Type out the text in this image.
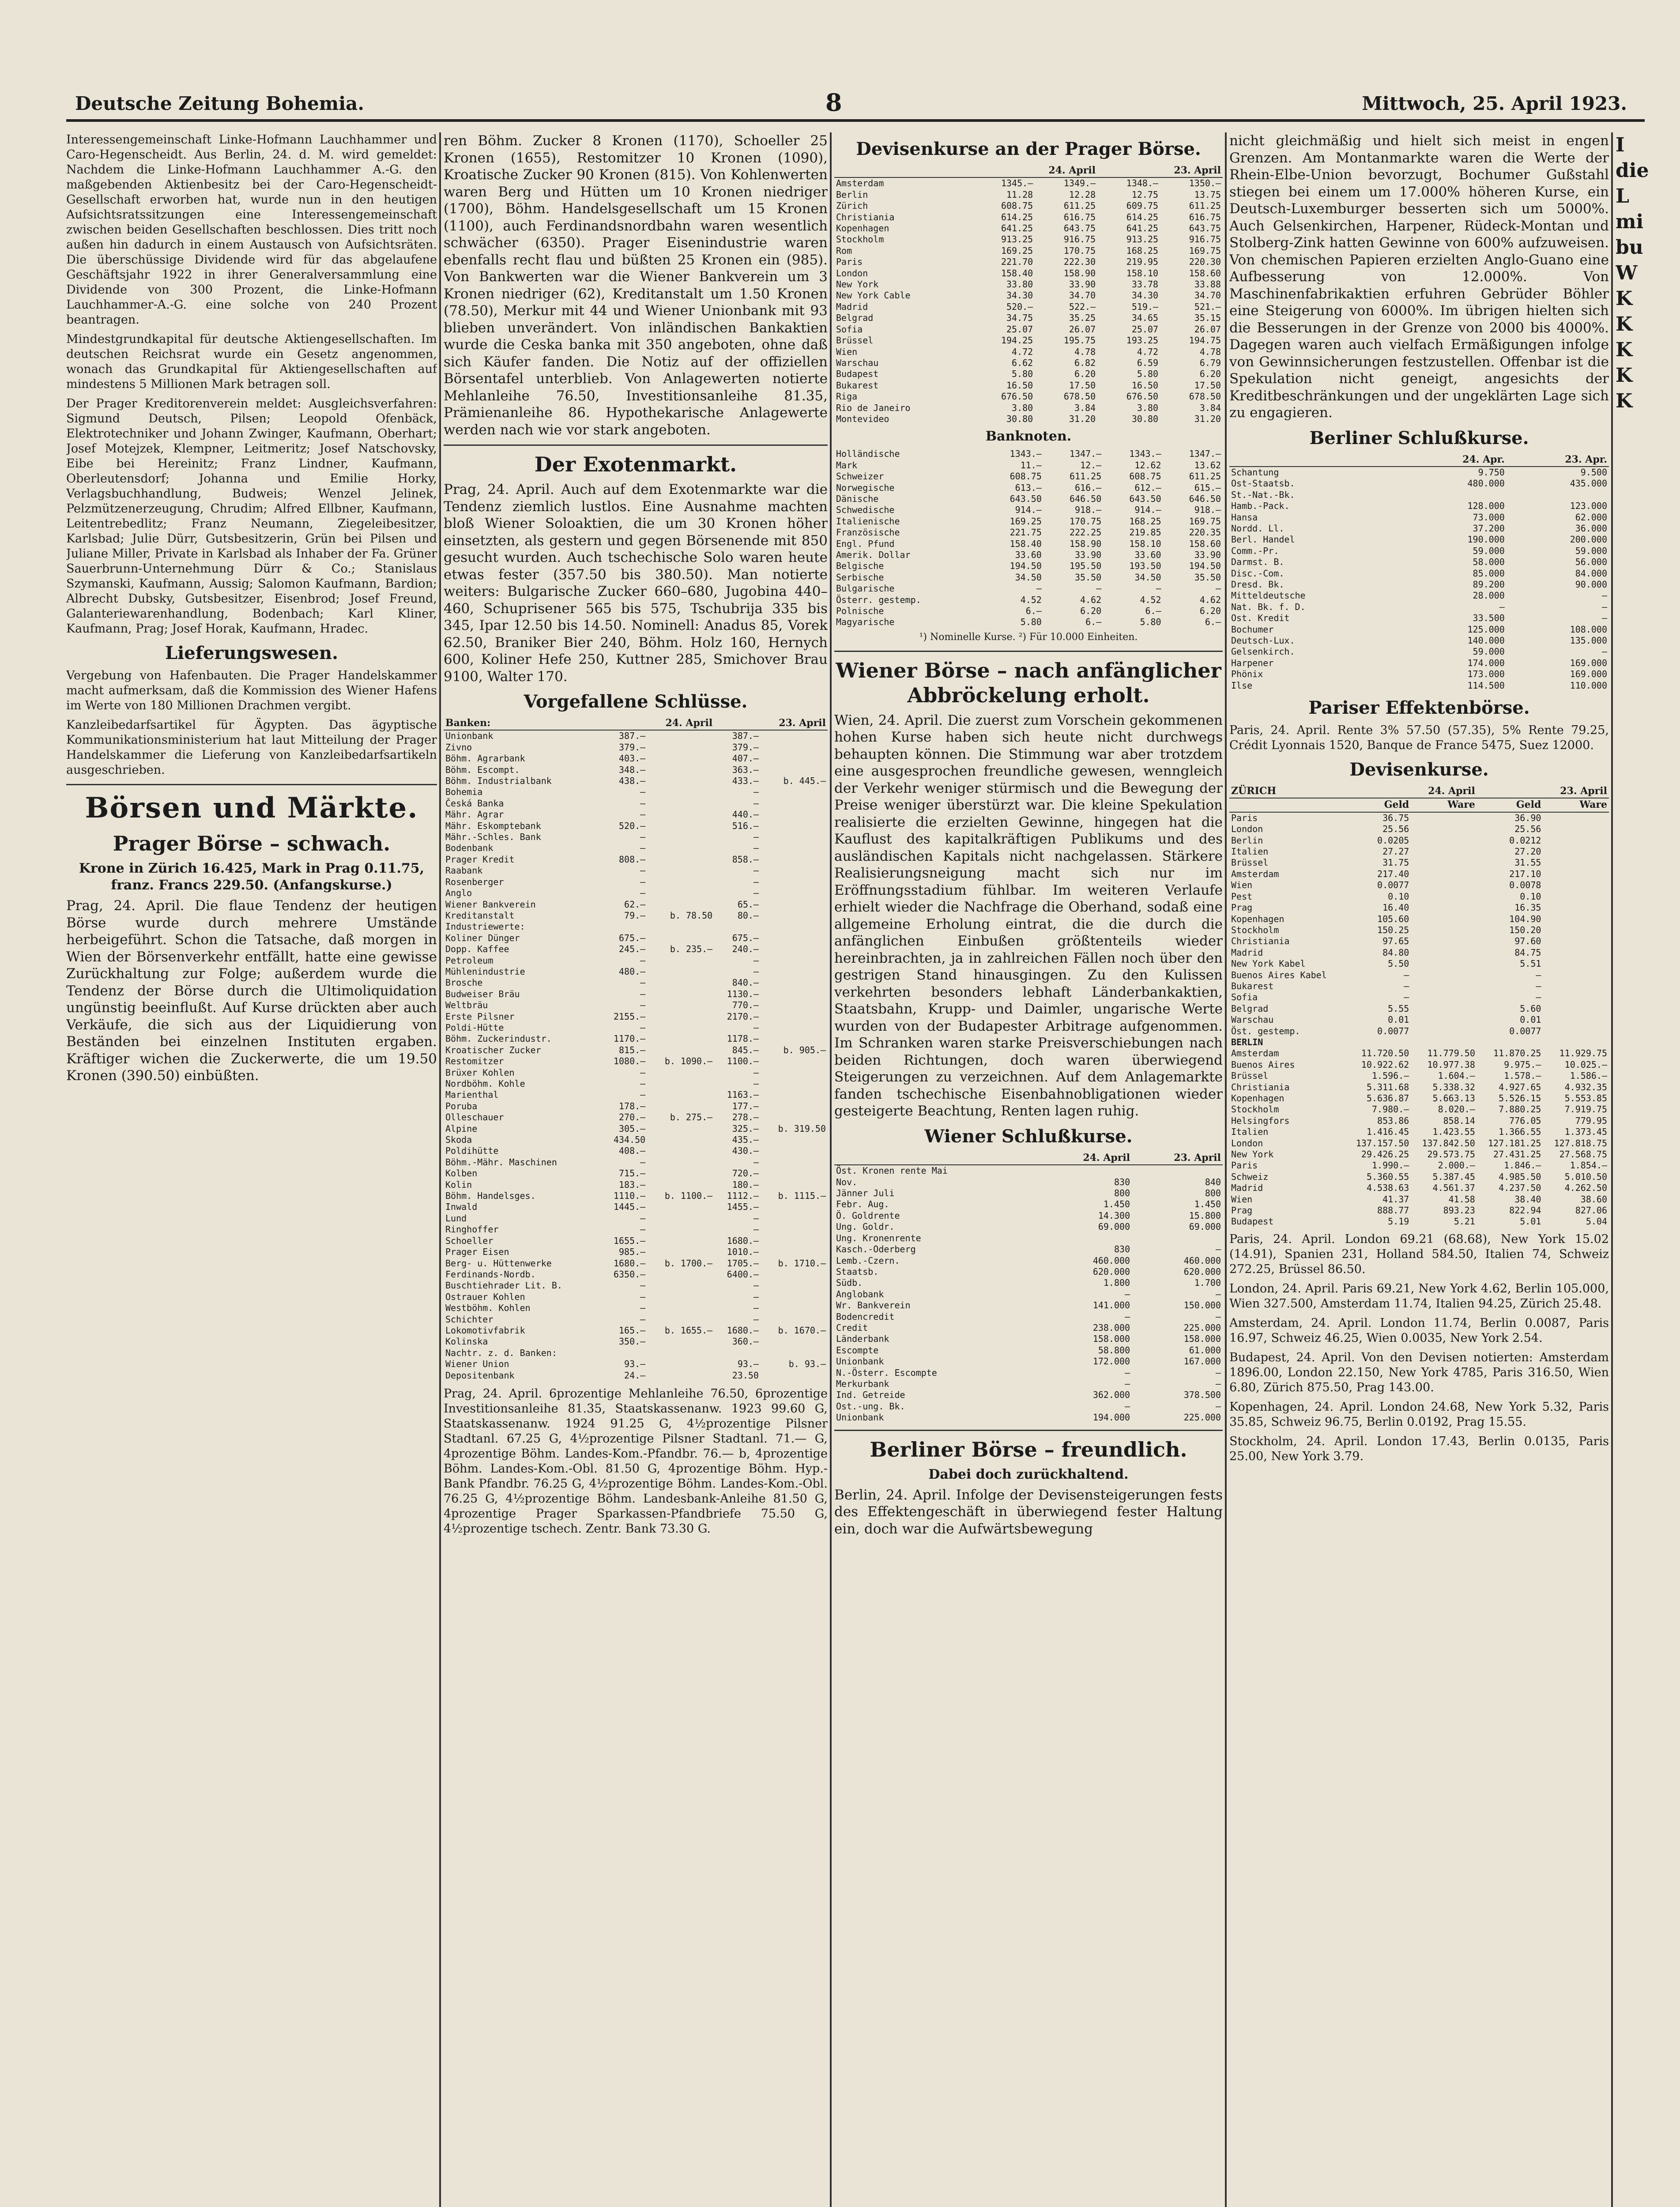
Deutsche Zeitung Bohemia.	8	Mittwoch, 25. April 1923.

Interessengemeinschaft Linke-Hofmann Lauchhammer und Caro-Hegenscheidt. Aus Berlin, 24. d. M. wird gemeldet: Nachdem die Linke-Hofmann Lauchhammer A.-G. den maßgebenden Aktienbesitz bei der Caro-Hegenscheidt-Gesellschaft erworben hat, wurde nun in den heutigen Aufsichtsratssitzungen eine Interessengemeinschaft zwischen beiden Gesellschaften beschlossen. Dies tritt noch außen hin dadurch in einem Austausch von Aufsichtsräten. Die überschüssige Dividende wird für das abgelaufene Geschäftsjahr 1922 in ihrer Generalversammlung eine Dividende von 300 Prozent, die Linke-Hofmann Lauchhammer-A.-G. eine solche von 240 Prozent beantragen.

Mindestgrundkapital für deutsche Aktiengesellschaften. Im deutschen Reichsrat wurde ein Gesetz angenommen, wonach das Grundkapital für Aktiengesellschaften auf mindestens 5 Millionen Mark betragen soll.

Der Prager Kreditorenverein meldet: Ausgleichsverfahren: Sigmund Deutsch, Pilsen; Leopold Ofenbäck, Elektrotechniker und Johann Zwinger, Kaufmann, Oberhart; Josef Motejzek, Klempner, Leitmeritz; Josef Natschovsky, Eibe bei Hereinitz; Franz Lindner, Kaufmann, Oberleutensdorf; Johanna und Emilie Horky, Verlagsbuchhandlung, Budweis; Wenzel Jelinek, Pelzmützenerzeugung, Chrudim; Alfred Ellbner, Kaufmann, Leitentrebedlitz; Franz Neumann, Ziegeleibesitzer, Karlsbad; Julie Dürr, Gutsbesitzerin, Grün bei Pilsen und Juliane Miller, Private in Karlsbad als Inhaber der Fa. Grüner Sauerbrunn-Unternehmung Dürr & Co.; Stanislaus Szymanski, Kaufmann, Aussig; Salomon Kaufmann, Bardion; Albrecht Dubsky, Gutsbesitzer, Eisenbrod; Josef Freund, Galanteriewarenhandlung, Bodenbach; Karl Kliner, Kaufmann, Prag; Josef Horak, Kaufmann, Hradec.

Lieferungswesen.

Vergebung von Hafenbauten. Die Prager Handelskammer macht aufmerksam, daß die Kommission des Wiener Hafens im Werte von 180 Millionen Drachmen vergibt.

Kanzleibedarfsartikel für Ägypten. Das ägyptische Kommunikationsministerium hat laut Mitteilung der Prager Handelskammer die Lieferung von Kanzleibedarfsartikeln ausgeschrieben.

Börsen und Märkte.
Prager Börse – schwach.
Krone in Zürich 16.425, Mark in Prag 0.11.75, franz. Francs 229.50. (Anfangskurse.)

Prag, 24. April. Die flaue Tendenz der heutigen Börse wurde durch mehrere Umstände herbeigeführt. Schon die Tatsache, daß morgen in Wien der Börsenverkehr entfällt, hatte eine gewisse Zurückhaltung zur Folge; außerdem wurde die Tendenz der Börse durch die Ultimoliquidation ungünstig beeinflußt. Auf Kurse drückten aber auch Verkäufe, die sich aus der Liquidierung von Beständen bei einzelnen Instituten ergaben. Kräftiger wichen die Zuckerwerte, die um 19.50 Kronen (390.50) einbüßten.

ren Böhm. Zucker 8 Kronen (1170), Schoeller 25 Kronen (1655), Restomitzer 10 Kronen (1090), Kroatische Zucker 90 Kronen (815). Von Kohlenwerten waren Berg und Hütten um 10 Kronen niedriger (1700), Böhm. Handelsgesellschaft um 15 Kronen (1100), auch Ferdinandsnordbahn waren wesentlich schwächer (6350). Prager Eisenindustrie waren ebenfalls recht flau und büßten 25 Kronen ein (985). Von Bankwerten war die Wiener Bankverein um 3 Kronen niedriger (62), Kreditanstalt um 1.50 Kronen (78.50), Merkur mit 44 und Wiener Unionbank mit 93 blieben unverändert. Von inländischen Bankaktien wurde die Ceska banka mit 350 angeboten, ohne daß sich Käufer fanden. Die Notiz auf der offiziellen Börsentafel unterblieb. Von Anlagewerten notierte Mehlanleihe 76.50, Investitionsanleihe 81.35, Prämienanleihe 86. Hypothekarische Anlagewerte werden nach wie vor stark angeboten.

Der Exotenmarkt.

Prag, 24. April. Auch auf dem Exotenmarkte war die Tendenz ziemlich lustlos. Eine Ausnahme machten bloß Wiener Soloaktien, die um 30 Kronen höher einsetzten, als gestern und gegen Börsenende mit 850 gesucht wurden. Auch tschechische Solo waren heute etwas fester (357.50 bis 380.50). Man notierte weiters: Bulgarische Zucker 660–680, Jugobina 440–460, Schuprisener 565 bis 575, Tschubrija 335 bis 345, Ipar 12.50 bis 14.50. Nominell: Anadus 85, Vorek 62.50, Braniker Bier 240, Böhm. Holz 160, Hernych 600, Koliner Hefe 250, Kuttner 285, Smichover Brau 9100, Walter 170.

Vorgefallene Schlüsse.
Banken:	24. April		23. April	
Unionbank	387.—		387.—	
Zivno	379.—		379.—	
Böhm. Agrarbank	403.—		407.—	
Böhm. Escompt.	348.—		363.—	
Böhm. Industrialbank	438.—		433.—	b. 445.—
Bohemia	—		—	
Česká Banka	—		—	
Mähr. Agrar	—		440.—	
Mähr. Eskomptebank	520.—		516.—	
Mähr.-Schles. Bank	—		—	
Bodenbank	—		—	
Prager Kredit	808.—		858.—	
Raabank	—		—	
Rosenberger	—		—	
Anglo	—		—	
Wiener Bankverein	62.—		65.—	
Kreditanstalt	79.—	b. 78.50	80.—	
Industriewerte:				
Koliner Dünger	675.—		675.—	
Dopp. Kaffee	245.—	b. 235.—	240.—	
Petroleum	—		—	
Mühlenindustrie	480.—		—	
Brosche	—		840.—	
Budweiser Bräu	—		1130.—	
Weltbräu	—		770.—	
Erste Pilsner	2155.—		2170.—	
Poldi-Hütte	—		—	
Böhm. Zuckerindustr.	1170.—		1178.—	
Kroatischer Zucker	815.—		845.—	b. 905.—
Restomitzer	1080.—	b. 1090.—	1100.—	
Brüxer Kohlen	—		—	
Nordböhm. Kohle	—		—	
Marienthal	—		1163.—	
Poruba	178.—		177.—	
Olleschauer	270.—	b. 275.—	278.—	
Alpine	305.—		325.—	b. 319.50
Skoda	434.50		435.—	
Poldihütte	408.—		430.—	
Böhm.-Mähr. Maschinen	—		—	
Kolben	715.—		720.—	
Kolin	183.—		180.—	
Böhm. Handelsges.	1110.—	b. 1100.—	1112.—	b. 1115.—
Inwald	1445.—		1455.—	
Lund	—		—	
Ringhoffer	—		—	
Schoeller	1655.—		1680.—	
Prager Eisen	985.—		1010.—	
Berg- u. Hüttenwerke	1680.—	b. 1700.—	1705.—	b. 1710.—
Ferdinands-Nordb.	6350.—		6400.—	
Buschtiehrader Lit. B.	—		—	
Ostrauer Kohlen	—		—	
Westböhm. Kohlen	—		—	
Schichter	—		—	
Lokomotivfabrik	165.—	b. 1655.—	1680.—	b. 1670.—
Kolinska	350.—		360.—	
Nachtr. z. d. Banken:				
Wiener Union	93.—		93.—	b. 93.—
Depositenbank	24.—		23.50	

Prag, 24. April. 6prozentige Mehlanleihe 76.50, 6prozentige Investitionsanleihe 81.35, Staatskassenanw. 1923 99.60 G, Staatskassenanw. 1924 91.25 G, 4½prozentige Pilsner Stadtanl. 67.25 G, 4½prozentige Pilsner Stadtanl. 71.— G, 4prozentige Böhm. Landes-Kom.-Pfandbr. 76.— b, 4prozentige Böhm. Landes-Kom.-Obl. 81.50 G, 4prozentige Böhm. Hyp.-Bank Pfandbr. 76.25 G, 4½prozentige Böhm. Landes-Kom.-Obl. 76.25 G, 4½prozentige Böhm. Landesbank-Anleihe 81.50 G, 4prozentige Prager Sparkassen-Pfandbriefe 75.50 G, 4½prozentige tschech. Zentr. Bank 73.30 G.

Devisenkurse an der Prager Börse.
	24. April		23. April	
Amsterdam	1345.—	1349.—	1348.—	1350.—
Berlin	11.28	12.28	12.75	13.75
Zürich	608.75	611.25	609.75	611.25
Christiania	614.25	616.75	614.25	616.75
Kopenhagen	641.25	643.75	641.25	643.75
Stockholm	913.25	916.75	913.25	916.75
Rom	169.25	170.75	168.25	169.75
Paris	221.70	222.30	219.95	220.30
London	158.40	158.90	158.10	158.60
New York	33.80	33.90	33.78	33.88
New York Cable	34.30	34.70	34.30	34.70
Madrid	520.—	522.—	519.—	521.—
Belgrad	34.75	35.25	34.65	35.15
Sofia	25.07	26.07	25.07	26.07
Brüssel	194.25	195.75	193.25	194.75
Wien	4.72	4.78	4.72	4.78
Warschau	6.62	6.82	6.59	6.79
Budapest	5.80	6.20	5.80	6.20
Bukarest	16.50	17.50	16.50	17.50
Riga	676.50	678.50	676.50	678.50
Rio de Janeiro	3.80	3.84	3.80	3.84
Montevideo	30.80	31.20	30.80	31.20
Banknoten.
Holländische	1343.—	1347.—	1343.—	1347.—
Mark	11.—	12.—	12.62	13.62
Schweizer	608.75	611.25	608.75	611.25
Norwegische	613.—	616.—	612.—	615.—
Dänische	643.50	646.50	643.50	646.50
Schwedische	914.—	918.—	914.—	918.—
Italienische	169.25	170.75	168.25	169.75
Französische	221.75	222.25	219.85	220.35
Engl. Pfund	158.40	158.90	158.10	158.60
Amerik. Dollar	33.60	33.90	33.60	33.90
Belgische	194.50	195.50	193.50	194.50
Serbische	34.50	35.50	34.50	35.50
Bulgarische	—	—	—	—
Österr. gestemp.	4.52	4.62	4.52	4.62
Polnische	6.—	6.20	6.—	6.20
Magyarische	5.80	6.—	5.80	6.—
¹) Nominelle Kurse. ²) Für 10.000 Einheiten.
Wiener Börse – nach anfänglicher Abbröckelung erholt.

Wien, 24. April. Die zuerst zum Vorschein gekommenen hohen Kurse haben sich heute nicht durchwegs behaupten können. Die Stimmung war aber trotzdem eine ausgesprochen freundliche gewesen, wenngleich der Verkehr weniger stürmisch und die Bewegung der Preise weniger überstürzt war. Die kleine Spekulation realisierte die erzielten Gewinne, hingegen hat die Kauflust des kapitalkräftigen Publikums und des ausländischen Kapitals nicht nachgelassen. Stärkere Realisierungsneigung macht sich nur im Eröffnungsstadium fühlbar. Im weiteren Verlaufe erhielt wieder die Nachfrage die Oberhand, sodaß eine allgemeine Erholung eintrat, die die durch die anfänglichen Einbußen größtenteils wieder hereinbrachten, ja in zahlreichen Fällen noch über den gestrigen Stand hinausgingen. Zu den Kulissen verkehrten besonders lebhaft Länderbankaktien, Staatsbahn, Krupp- und Daimler, ungarische Werte wurden von der Budapester Arbitrage aufgenommen. Im Schranken waren starke Preisverschiebungen nach beiden Richtungen, doch waren überwiegend Steigerungen zu verzeichnen. Auf dem Anlagemarkte fanden tschechische Eisenbahnobligationen wieder gesteigerte Beachtung, Renten lagen ruhig.

Wiener Schlußkurse.
	24. April	23. April
Öst. Kronen rente Mai		
Nov.	830	840
Jänner Juli	800	800
Febr. Aug.	1.450	1.450
Ö. Goldrente	14.300	15.800
Ung. Goldr.	69.000	69.000
Ung. Kronenrente		
Kasch.-Oderberg	830	—
Lemb.-Czern.	460.000	460.000
Staatsb.	620.000	620.000
Südb.	1.800	1.700
Anglobank	—	—
Wr. Bankverein	141.000	150.000
Bodencredit	—	—
Credit	238.000	225.000
Länderbank	158.000	158.000
Escompte	58.800	61.000
Unionbank	172.000	167.000
N.-Österr. Escompte	—	—
Merkurbank	—	—
Ind. Getreide	362.000	378.500
Ost.-ung. Bk.	—	—
Unionbank	194.000	225.000
Berliner Börse – freundlich.
Dabei doch zurückhaltend.

Berlin, 24. April. Infolge der Devisensteigerungen fests des Effektengeschäft in überwiegend fester Haltung ein, doch war die Aufwärtsbewegung

nicht gleichmäßig und hielt sich meist in engen Grenzen. Am Montanmarkte waren die Werte der Rhein-Elbe-Union bevorzugt, Bochumer Gußstahl stiegen bei einem um 17.000% höheren Kurse, ein Deutsch-Luxemburger besserten sich um 5000%. Auch Gelsenkirchen, Harpener, Rüdeck-Montan und Stolberg-Zink hatten Gewinne von 600% aufzuweisen. Von chemischen Papieren erzielten Anglo-Guano eine Aufbesserung von 12.000%. Von Maschinenfabrikaktien erfuhren Gebrüder Böhler eine Steigerung von 6000%. Im übrigen hielten sich die Besserungen in der Grenze von 2000 bis 4000%. Dagegen waren auch vielfach Ermäßigungen infolge von Gewinnsicherungen festzustellen. Offenbar ist die Spekulation nicht geneigt, angesichts der Kreditbeschränkungen und der ungeklärten Lage sich zu engagieren.

Berliner Schlußkurse.
	24. Apr.	23. Apr.
Schantung	9.750	9.500
Ost-Staatsb.	480.000	435.000
St.-Nat.-Bk.		
Hamb.-Pack.	128.000	123.000
Hansa	73.000	62.000
Nordd. Ll.	37.200	36.000
Berl. Handel	190.000	200.000
Comm.-Pr.	59.000	59.000
Darmst. B.	58.000	56.000
Disc.-Com.	85.000	84.000
Dresd. Bk.	89.200	90.000
Mitteldeutsche	28.000	—
Nat. Bk. f. D.	—	—
Ost. Kredit	33.500	—
Bochumer	125.000	108.000
Deutsch-Lux.	140.000	135.000
Gelsenkirch.	59.000	—
Harpener	174.000	169.000
Phönix	173.000	169.000
Ilse	114.500	110.000
Pariser Effektenbörse.

Paris, 24. April. Rente 3% 57.50 (57.35), 5% Rente 79.25, Crédit Lyonnais 1520, Banque de France 5475, Suez 12000.

Devisenkurse.
ZÜRICH	24. April		23. April	
	Geld	Ware	Geld	Ware
Paris	36.75		36.90	
London	25.56		25.56	
Berlin	0.0205		0.0212	
Italien	27.27		27.20	
Brüssel	31.75		31.55	
Amsterdam	217.40		217.10	
Wien	0.0077		0.0078	
Pest	0.10		0.10	
Prag	16.40		16.35	
Kopenhagen	105.60		104.90	
Stockholm	150.25		150.20	
Christiania	97.65		97.60	
Madrid	84.80		84.75	
New York Kabel	5.50		5.51	
Buenos Aires Kabel	—		—	
Bukarest	—		—	
Sofia	—		—	
Belgrad	5.55		5.60	
Warschau	0.01		0.01	
Öst. gestemp.	0.0077		0.0077	
BERLIN				
Amsterdam	11.720.50	11.779.50	11.870.25	11.929.75
Buenos Aires	10.922.62	10.977.38	9.975.—	10.025.—
Brüssel	1.596.—	1.604.—	1.578.—	1.586.—
Christiania	5.311.68	5.338.32	4.927.65	4.932.35
Kopenhagen	5.636.87	5.663.13	5.526.15	5.553.85
Stockholm	7.980.—	8.020.—	7.880.25	7.919.75
Helsingfors	853.86	858.14	776.05	779.95
Italien	1.416.45	1.423.55	1.366.55	1.373.45
London	137.157.50	137.842.50	127.181.25	127.818.75
New York	29.426.25	29.573.75	27.431.25	27.568.75
Paris	1.990.—	2.000.—	1.846.—	1.854.—
Schweiz	5.360.55	5.387.45	4.985.50	5.010.50
Madrid	4.538.63	4.561.37	4.237.50	4.262.50
Wien	41.37	41.58	38.40	38.60
Prag	888.77	893.23	822.94	827.06
Budapest	5.19	5.21	5.01	5.04

Paris, 24. April. London 69.21 (68.68), New York 15.02 (14.91), Spanien 231, Holland 584.50, Italien 74, Schweiz 272.25, Brüssel 86.50.

London, 24. April. Paris 69.21, New York 4.62, Berlin 105.000, Wien 327.500, Amsterdam 11.74, Italien 94.25, Zürich 25.48.

Amsterdam, 24. April. London 11.74, Berlin 0.0087, Paris 16.97, Schweiz 46.25, Wien 0.0035, New York 2.54.

Budapest, 24. April. Von den Devisen notierten: Amsterdam 1896.00, London 22.150, New York 4785, Paris 316.50, Wien 6.80, Zürich 875.50, Prag 143.00.

Kopenhagen, 24. April. London 24.68, New York 5.32, Paris 35.85, Schweiz 96.75, Berlin 0.0192, Prag 15.55.

Stockholm, 24. April. London 17.43, Berlin 0.0135, Paris 25.00, New York 3.79.

I
die
L
mi
bu
W
K
K
K
K
K
